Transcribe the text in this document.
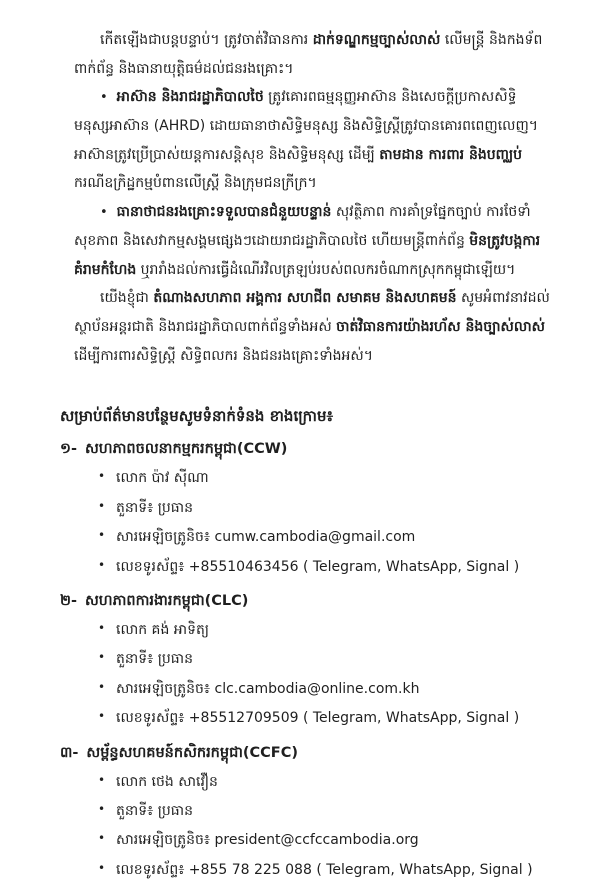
កើតឡើងជាបន្តបន្ទាប់។ ត្រូវចាត់វិធានការ ដាក់ទណ្ឌកម្មច្បាស់លាស់ លើមន្ត្រី និងកងទ័ពពាក់ព័ន្ធ និងធានាយុត្តិធម៌ដល់ជនរងគ្រោះ។

• អាស៊ាន និងរាជរដ្ឋាភិបាលថៃ ត្រូវគោរពធម្មនុញ្ញអាស៊ាន និងសេចក្តីប្រកាសសិទ្ធិមនុស្សអាស៊ាន (AHRD) ដោយធានាថាសិទ្ធិមនុស្ស និងសិទ្ធិស្ត្រីត្រូវបានគោរពពេញលេញ។ អាស៊ានត្រូវប្រើប្រាស់យន្តការសន្តិសុខ និងសិទ្ធិមនុស្ស ដើម្បី តាមដាន ការពារ និងបញ្ឈប់ ករណីឧក្រិដ្ឋកម្មបំពានលើស្ត្រី និងក្រុមជនក្រីក្រ។
• ធានាថាជនរងគ្រោះទទួលបានជំនួយបន្ទាន់ សុវត្ថិភាព ការគាំទ្រផ្នែកច្បាប់ ការថែទាំសុខភាព និងសេវាកម្មសង្គមផ្សេងៗដោយរាជរដ្ឋាភិបាលថៃ ហើយមន្ត្រីពាក់ព័ន្ធ មិនត្រូវបង្កការគំរាមកំហែង ឬរារាំងដល់ការធ្វើដំណើរវិលត្រឡប់របស់ពលករចំណាកស្រុកកម្ពុជាឡើយ។

យើងខ្ញុំជា តំណាងសហភាព អង្គការ សហជីព សមាគម និងសហគមន៍ សូមអំពាវនាវដល់ស្ថាប័នអន្តរជាតិ និងរាជរដ្ឋាភិបាលពាក់ព័ន្ធទាំងអស់ ចាត់វិធានការយ៉ាងរហ័ស និងច្បាស់លាស់ ដើម្បីការពារសិទ្ធិស្ត្រី សិទ្ធិពលករ និងជនរងគ្រោះទាំងអស់។

សម្រាប់ព័ត៌មានបន្ថែមសូមទំនាក់ទំនង ខាងក្រោម៖
១- សហភាពចលនាកម្មករកម្ពុជា(CCW)
• លោក ប៉ាវ ស៊ីណា
• តួនាទី៖ ប្រធាន
• សារអេឡិចត្រូនិច៖ cumw.cambodia@gmail.com
• លេខទូរស័ព្ទ៖ +85510463456 ( Telegram, WhatsApp, Signal )
២- សហភាពការងារកម្ពុជា(CLC)
• លោក គង់ អាទិត្យ
• តួនាទី៖ ប្រធាន
• សារអេឡិចត្រូនិច៖ clc.cambodia@online.com.kh
• លេខទូរស័ព្ទ៖ +85512709509 ( Telegram, WhatsApp, Signal )
៣- សម្ព័ន្ធសហគមន៍កសិករកម្ពុជា(CCFC)
• លោក ថេង សាវឿន
• តួនាទី៖ ប្រធាន
• សារអេឡិចត្រូនិច៖ president@ccfccambodia.org
• លេខទូរស័ព្ទ៖ +855 78 225 088 ( Telegram, WhatsApp, Signal )
